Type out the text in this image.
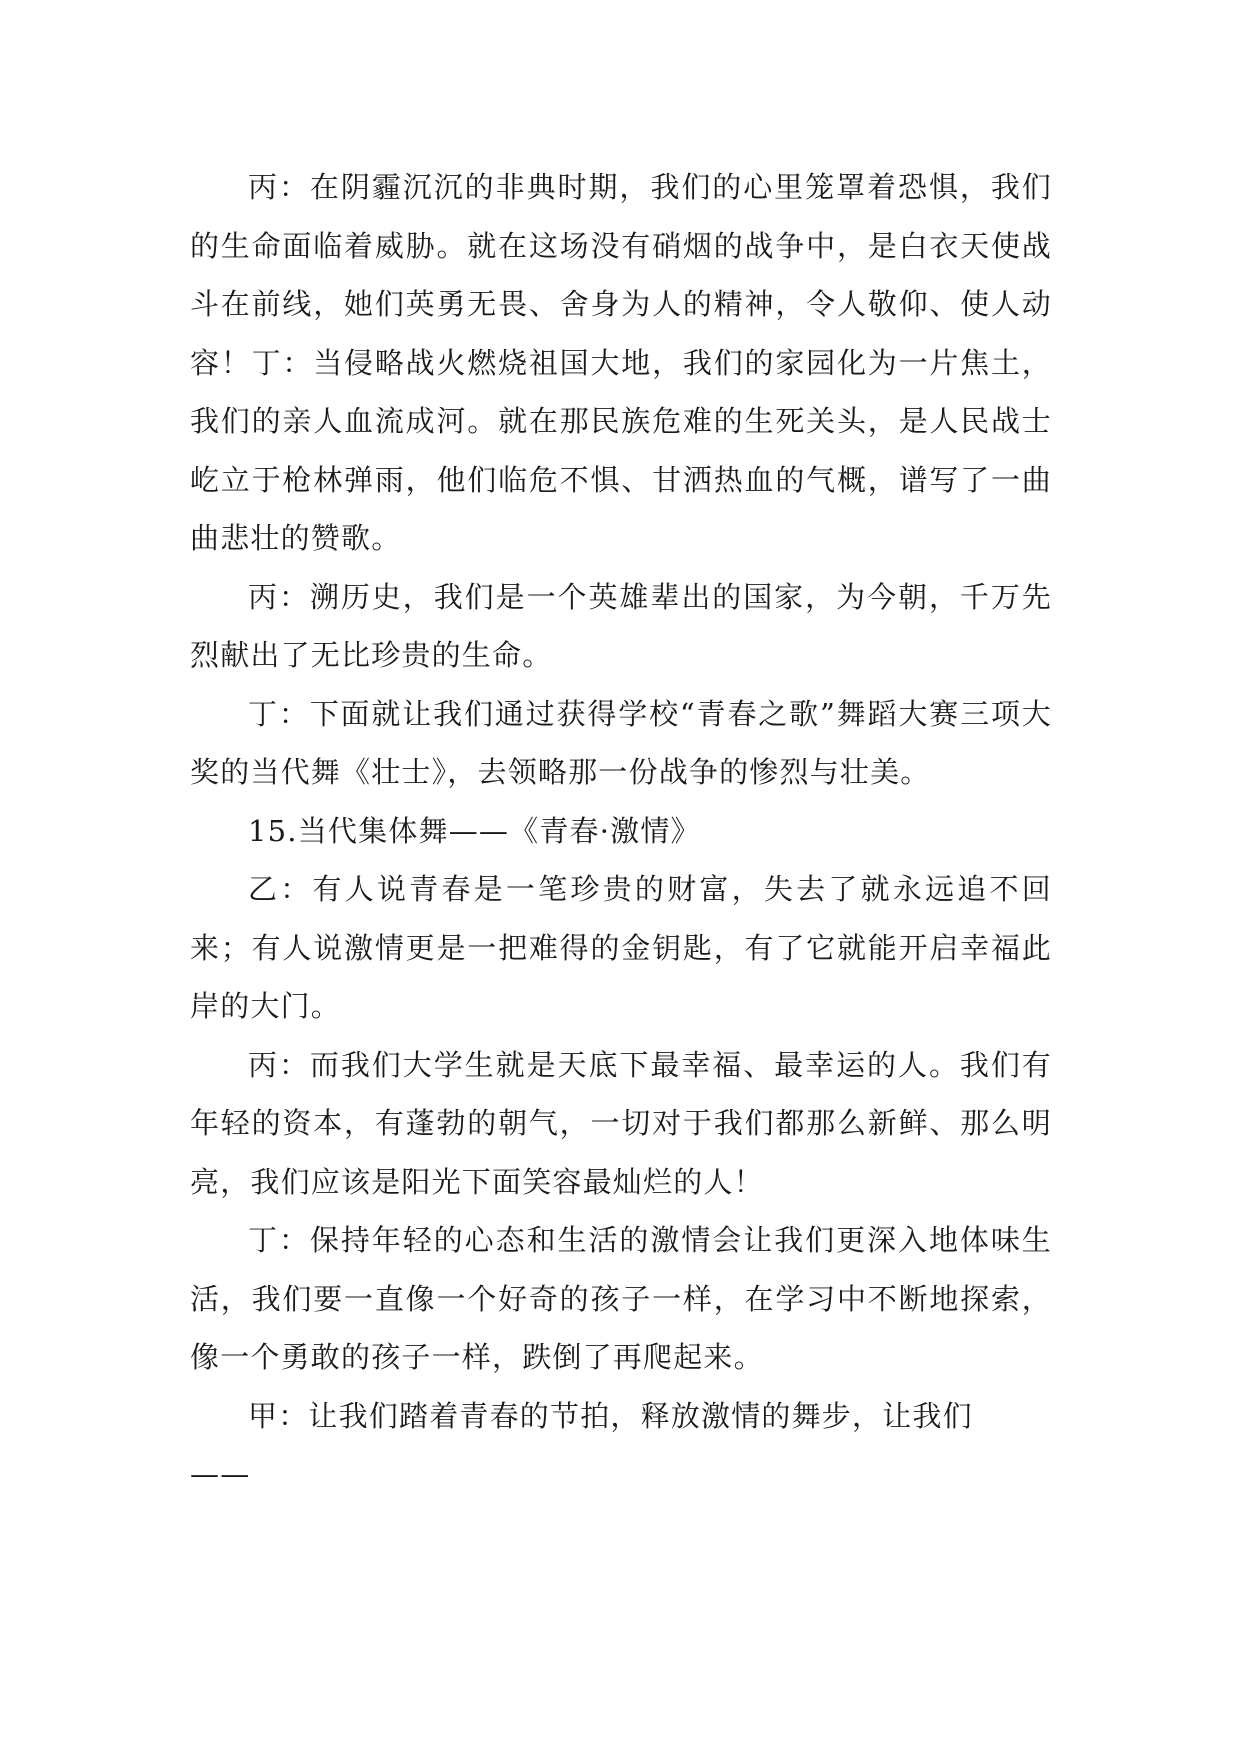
丙：在阴霾沉沉的非典时期，我们的心里笼罩着恐惧，我们的生命面临着威胁。就在这场没有硝烟的战争中，是白衣天使战斗在前线，她们英勇无畏、舍身为人的精神，令人敬仰、使人动容！丁：当侵略战火燃烧祖国大地，我们的家园化为一片焦土，我们的亲人血流成河。就在那民族危难的生死关头，是人民战士屹立于枪林弹雨，他们临危不惧、甘洒热血的气概，谱写了一曲曲悲壮的赞歌。

丙：溯历史，我们是一个英雄辈出的国家，为今朝，千万先烈献出了无比珍贵的生命。

丁：下面就让我们通过获得学校“青春之歌”舞蹈大赛三项大奖的当代舞《壮士》，去领略那一份战争的惨烈与壮美。

15.当代集体舞——《青春·激情》

乙：有人说青春是一笔珍贵的财富，失去了就永远追不回来；有人说激情更是一把难得的金钥匙，有了它就能开启幸福此岸的大门。

丙：而我们大学生就是天底下最幸福、最幸运的人。我们有年轻的资本，有蓬勃的朝气，一切对于我们都那么新鲜、那么明亮，我们应该是阳光下面笑容最灿烂的人！

丁：保持年轻的心态和生活的激情会让我们更深入地体味生活，我们要一直像一个好奇的孩子一样，在学习中不断地探索，像一个勇敢的孩子一样，跌倒了再爬起来。

甲：让我们踏着青春的节拍，释放激情的舞步，让我们

——
